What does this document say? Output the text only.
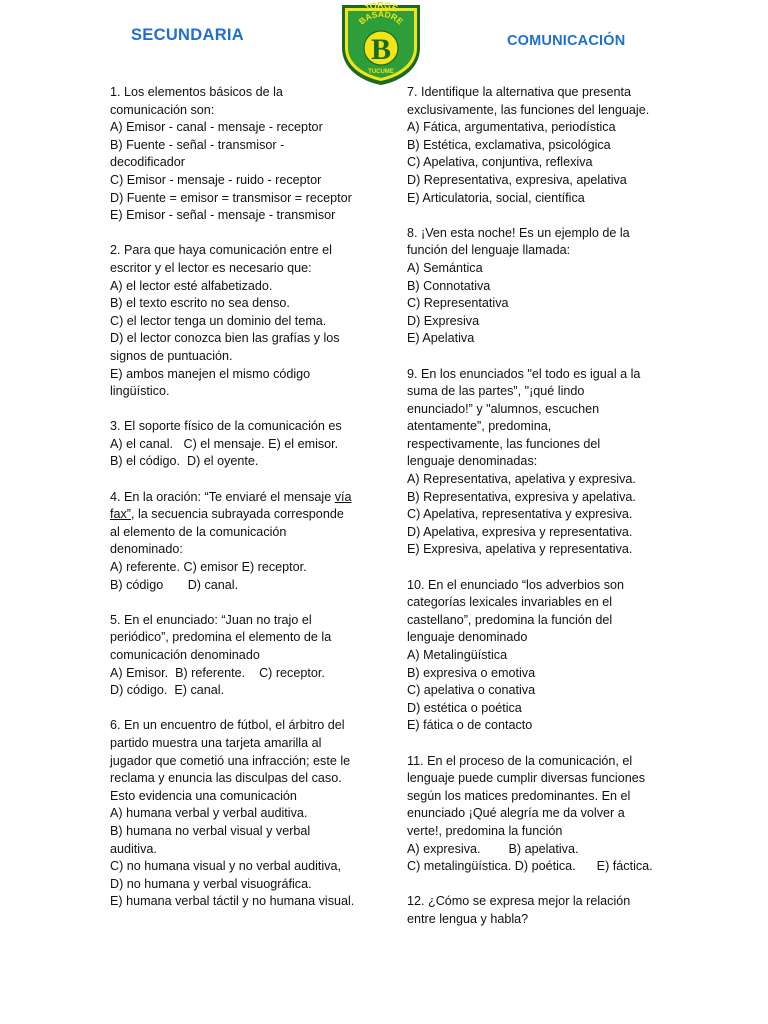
SECUNDARIA
JORGE
BASADRE
B
TUCUME
COMUNICACIÓN

1. Los elementos básicos de la

comunicación son:

A) Emisor - canal - mensaje - receptor

B) Fuente - señal - transmisor -

decodificador

C) Emisor - mensaje - ruido - receptor

D) Fuente = emisor = transmisor = receptor

E) Emisor - señal - mensaje - transmisor

2. Para que haya comunicación entre el

escritor y el lector es necesario que:

A) el lector esté alfabetizado.

B) el texto escrito no sea denso.

C) el lector tenga un dominio del tema.

D) el lector conozca bien las grafías y los

signos de puntuación.

E) ambos manejen el mismo código

lingüístico.

3. El soporte físico de la comunicación es

A) el canal.   C) el mensaje. E) el emisor.

B) el código.  D) el oyente.

4. En la oración: “Te enviaré el mensaje vía

fax”, la secuencia subrayada corresponde

al elemento de la comunicación

denominado:

A) referente. C) emisor E) receptor.

B) código       D) canal.

5. En el enunciado: “Juan no trajo el

periódico”, predomina el elemento de la

comunicación denominado

A) Emisor.  B) referente.    C) receptor.

D) código.  E) canal.

6. En un encuentro de fútbol, el árbitro del

partido muestra una tarjeta amarilla al

jugador que cometió una infracción; este le

reclama y enuncia las disculpas del caso.

Esto evidencia una comunicación

A) humana verbal y verbal auditiva.

B) humana no verbal visual y verbal

auditiva.

C) no humana visual y no verbal auditiva,

D) no humana y verbal visuográfica.

E) humana verbal táctil y no humana visual.

7. Identifique la alternativa que presenta

exclusivamente, las funciones del lenguaje.

A) Fática, argumentativa, periodística

B) Estética, exclamativa, psicológica

C) Apelativa, conjuntiva, reflexiva

D) Representativa, expresiva, apelativa

E) Articulatoria, social, científica

8. ¡Ven esta noche! Es un ejemplo de la

función del lenguaje llamada:

A) Semántica

B) Connotativa

C) Representativa

D) Expresiva

E) Apelativa

9. En los enunciados "el todo es igual a la

suma de las partes”, "¡qué lindo

enunciado!” y "alumnos, escuchen

atentamente”, predomina,

respectivamente, las funciones del

lenguaje denominadas:

A) Representativa, apelativa y expresiva.

B) Representativa, expresiva y apelativa.

C) Apelativa, representativa y expresiva.

D) Apelativa, expresiva y representativa.

E) Expresiva, apelativa y representativa.

10. En el enunciado “los adverbios son

categorías lexicales invariables en el

castellano”, predomina la función del

lenguaje denominado

A) Metalingüística

B) expresiva o emotiva

C) apelativa o conativa

D) estética o poética

E) fática o de contacto

11. En el proceso de la comunicación, el

lenguaje puede cumplir diversas funciones

según los matices predominantes. En el

enunciado ¡Qué alegría me da volver a

verte!, predomina la función

A) expresiva.        B) apelativa.

C) metalingüística. D) poética.      E) fáctica.

12. ¿Cómo se expresa mejor la relación

entre lengua y habla?
